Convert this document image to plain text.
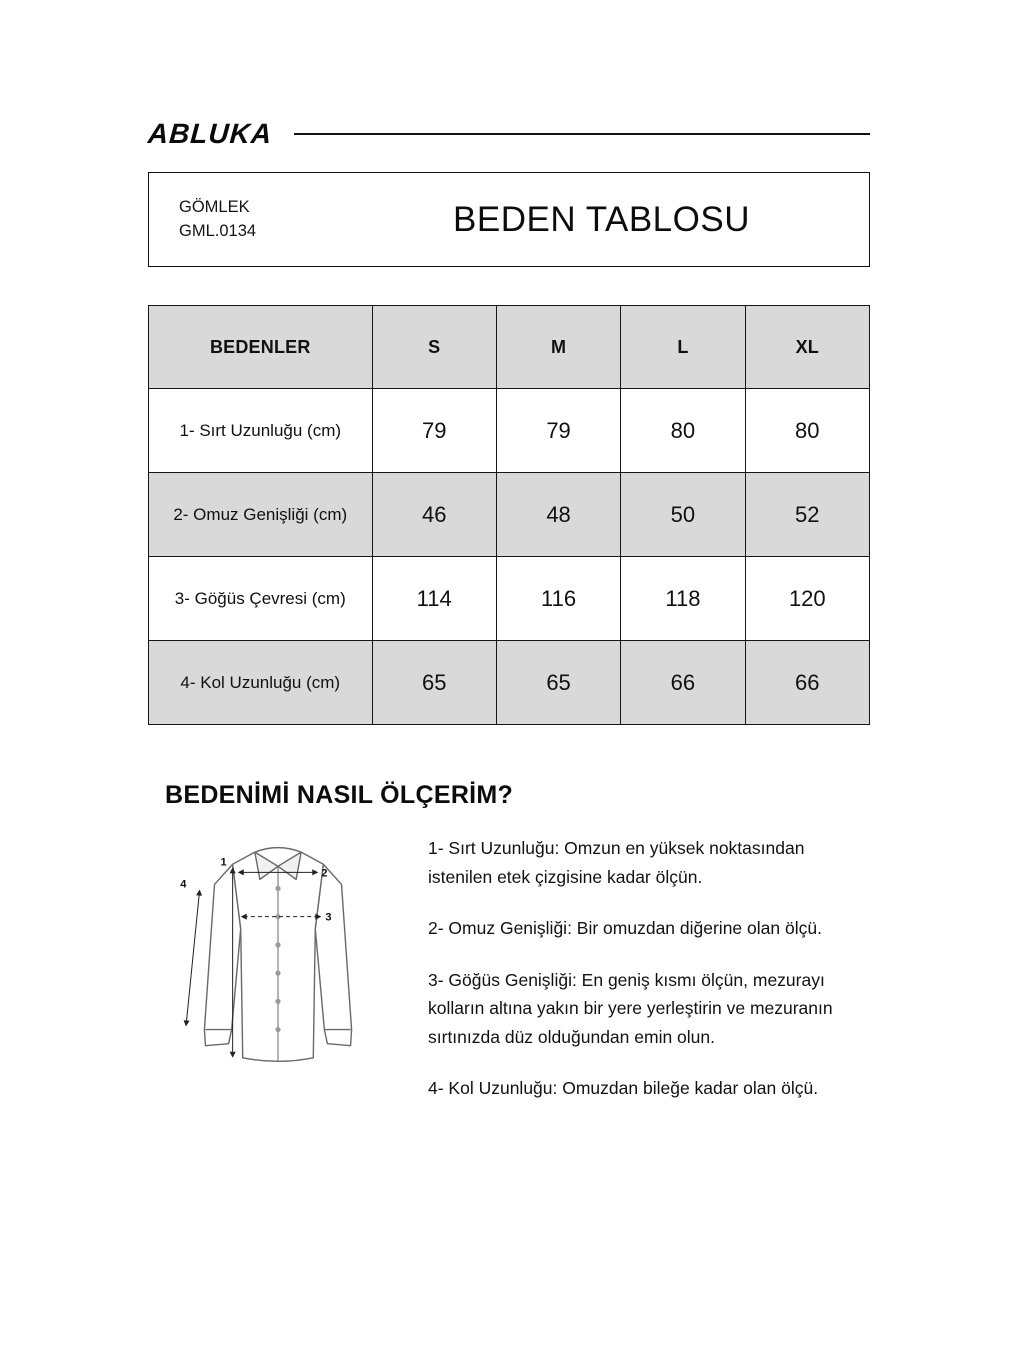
ABLUKA
GÖMLEK
GML.0134	BEDEN TABLOSU
BEDENLER	S	M	L	XL
1- Sırt Uzunluğu (cm)	79	79	80	80
2- Omuz Genişliği (cm)	46	48	50	52
3- Göğüs Çevresi (cm)	114	116	118	120
4- Kol Uzunluğu (cm)	65	65	66	66
BEDENİMİ NASIL ÖLÇERİM?
1
2
3
4

1- Sırt Uzunluğu: Omzun en yüksek noktasından istenilen etek çizgisine kadar ölçün.

2- Omuz Genişliği: Bir omuzdan diğerine olan ölçü.

3- Göğüs Genişliği: En geniş kısmı ölçün, mezurayı kolların altına yakın bir yere yerleştirin ve mezuranın sırtınızda düz olduğundan emin olun.

4- Kol Uzunluğu: Omuzdan bileğe kadar olan ölçü.
